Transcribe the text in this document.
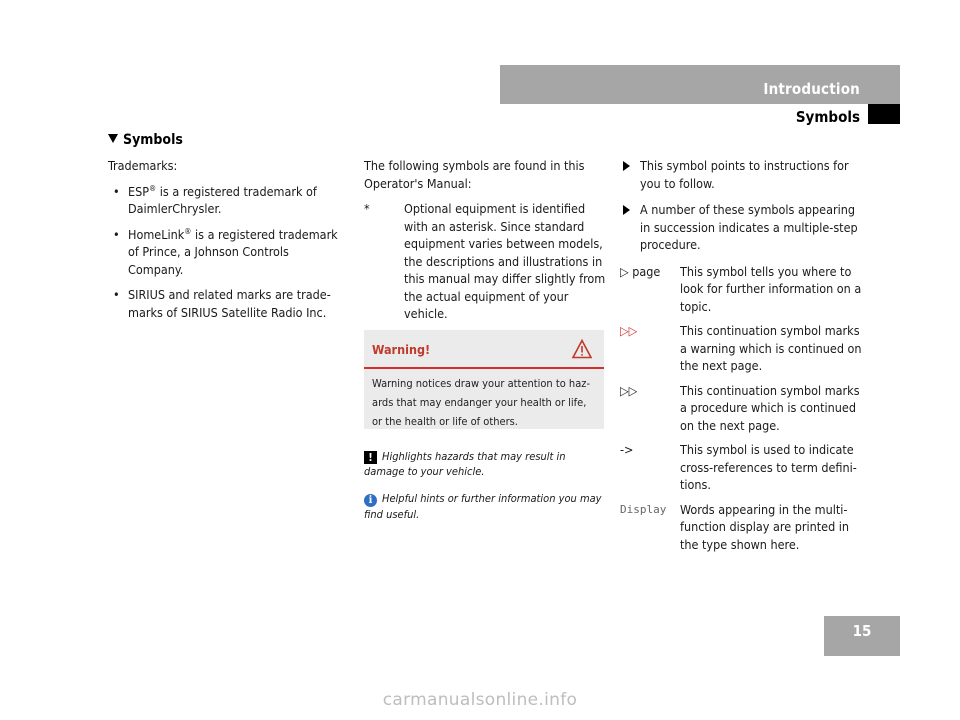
Introduction
Symbols
Symbols
Trademarks:
• ESP® is a registered trademark of DaimlerChrysler.
• HomeLink® is a registered trademark of Prince, a Johnson Controls Company.
• SIRIUS and related marks are trade-marks of SIRIUS Satellite Radio Inc.
The following symbols are found in this Operator's Manual:
*	Optional equipment is identified with an asterisk. Since standard equipment varies between models, the descriptions and illustrations in this manual may differ slightly from the actual equipment of your vehicle.
Warning!
Warning notices draw your attention to haz-ards that may endanger your health or life, or the health or life of others.
! Highlights hazards that may result in damage to your vehicle.
i Helpful hints or further information you may find useful.
This symbol points to instructions for you to follow.
A number of these symbols appearing in succession indicates a multiple-step procedure.
▷ page	This symbol tells you where to look for further information on a topic.
▷▷	This continuation symbol marks a warning which is continued on the next page.
▷▷	This continuation symbol marks a procedure which is continued on the next page.
->	This symbol is used to indicate cross-references to term defini-tions.
Display	Words appearing in the multi-function display are printed in the type shown here.
15
carmanualsonline.info
